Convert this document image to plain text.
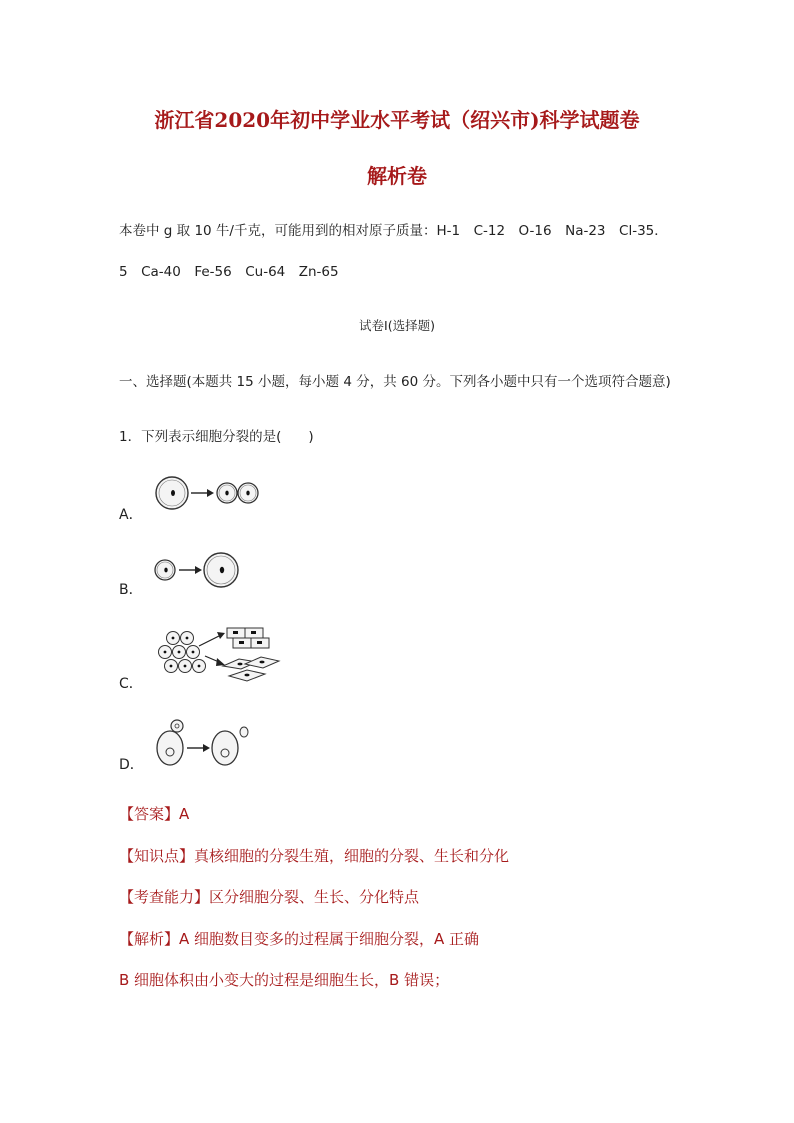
浙江省2020年初中学业水平考试（绍兴市)科学试题卷
解析卷
本卷中 g 取 10 牛/千克，可能用到的相对原子质量：H-1　C-12　O-16　Na-23　Cl-35．
5　Ca-40　Fe-56　Cu-64　Zn-65
试卷Ⅰ(选择题)
一、选择题(本题共 15 小题，每小题 4 分，共 60 分。下列各小题中只有一个选项符合题意)
1．下列表示细胞分裂的是(　　)
A．
B．
C．
D．
【答案】A
【知识点】真核细胞的分裂生殖，细胞的分裂、生长和分化
【考查能力】区分细胞分裂、生长、分化特点
【解析】A 细胞数目变多的过程属于细胞分裂，A 正确
B 细胞体积由小变大的过程是细胞生长，B 错误；
